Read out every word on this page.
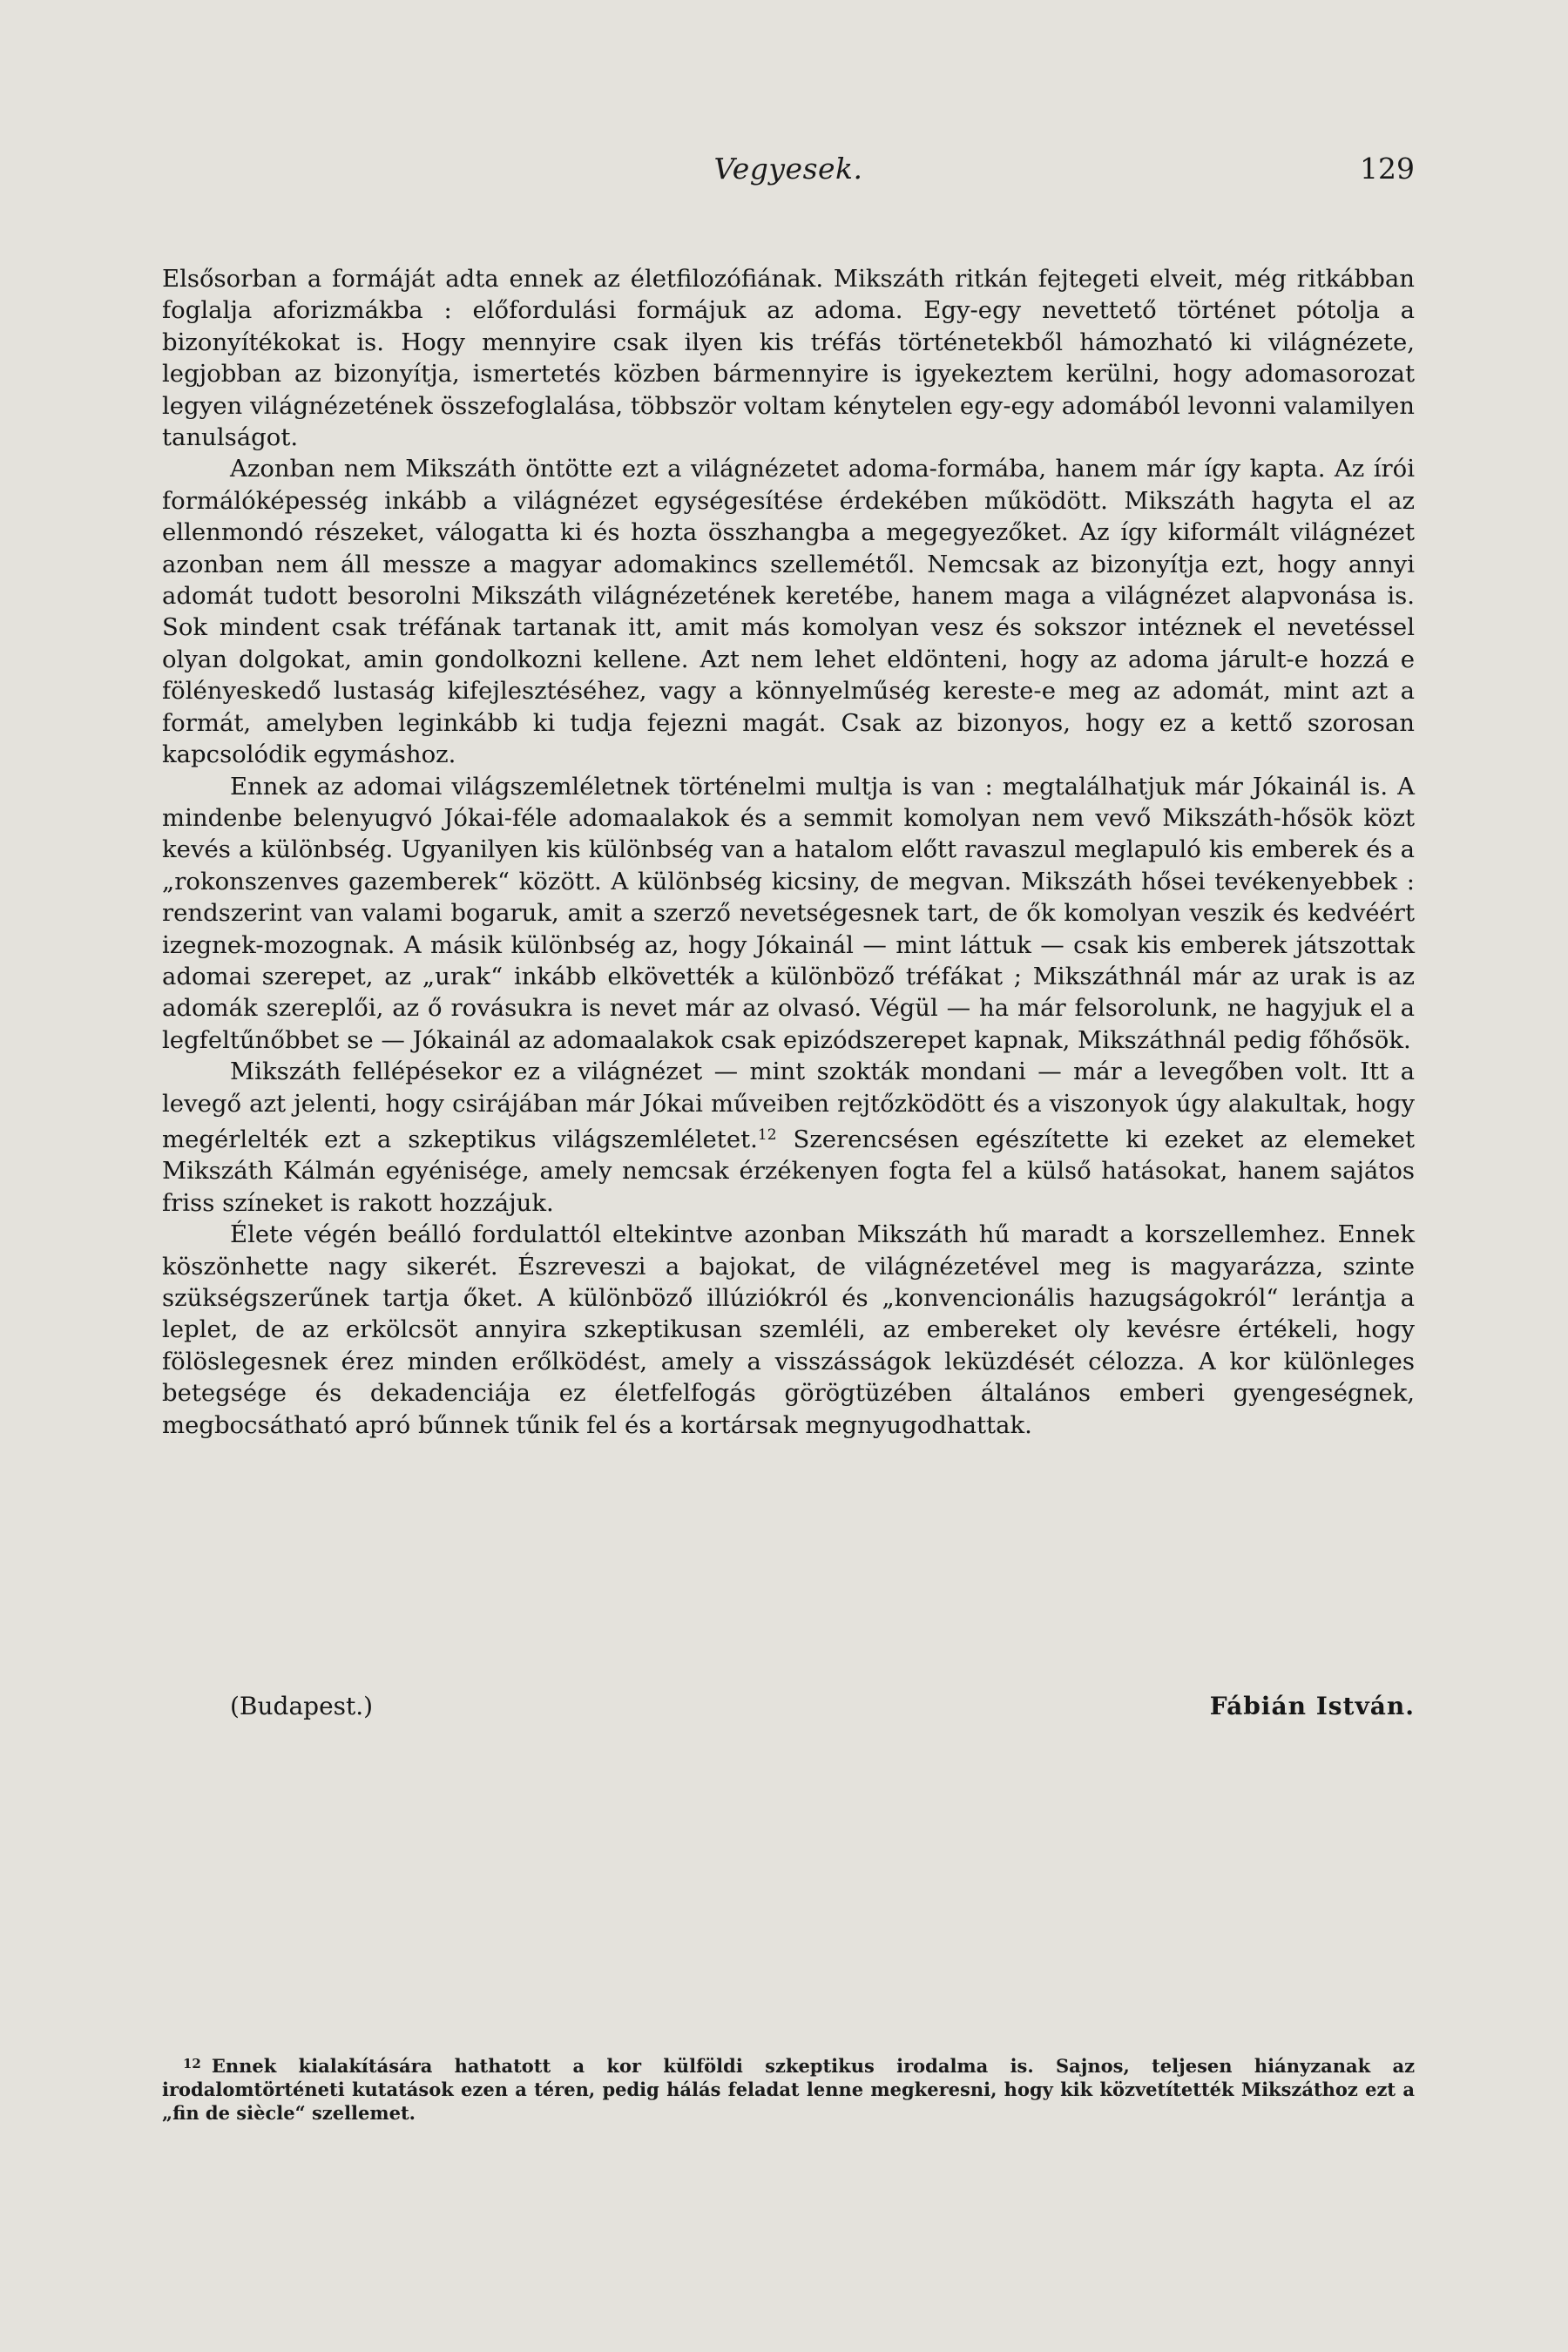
Vegyesek.	129

Elsősorban a formáját adta ennek az életfilozófiának. Mikszáth ritkán fejtegeti elveit, még ritkábban foglalja aforizmákba : előfordulási formájuk az adoma. Egy-egy nevettető történet pótolja a bizonyítékokat is. Hogy mennyire csak ilyen kis tréfás történetekből hámozható ki világnézete, legjobban az bizonyítja, ismertetés közben bármennyire is igyekeztem kerülni, hogy adomasorozat legyen világnézetének összefoglalása, többször voltam kénytelen egy-egy adomából levonni valamilyen tanulságot.

Azonban nem Mikszáth öntötte ezt a világnézetet adoma-formába, hanem már így kapta. Az írói formálóképesség inkább a világnézet egységesítése érdekében működött. Mikszáth hagyta el az ellenmondó részeket, válogatta ki és hozta összhangba a megegyezőket. Az így kiformált világnézet azonban nem áll messze a magyar adomakincs szellemétől. Nemcsak az bizonyítja ezt, hogy annyi adomát tudott besorolni Mikszáth világnézetének keretébe, hanem maga a világnézet alapvonása is. Sok mindent csak tréfának tartanak itt, amit más komolyan vesz és sokszor intéznek el nevetéssel olyan dolgokat, amin gondolkozni kellene. Azt nem lehet eldönteni, hogy az adoma járult-e hozzá e fölényeskedő lustaság kifejlesztéséhez, vagy a könnyelműség kereste-e meg az adomát, mint azt a formát, amelyben leginkább ki tudja fejezni magát. Csak az bizonyos, hogy ez a kettő szorosan kapcsolódik egymáshoz.

Ennek az adomai világszemléletnek történelmi multja is van : megtalálhatjuk már Jókainál is. A mindenbe belenyugvó Jókai-féle adomaalakok és a semmit komolyan nem vevő Mikszáth-hősök közt kevés a különbség. Ugyanilyen kis különbség van a hatalom előtt ravaszul meglapuló kis emberek és a „rokonszenves gazemberek“ között. A különbség kicsiny, de megvan. Mikszáth hősei tevékenyebbek : rendszerint van valami bogaruk, amit a szerző nevetségesnek tart, de ők komolyan veszik és kedvéért izegnek-mozognak. A másik különbség az, hogy Jókainál — mint láttuk — csak kis emberek játszottak adomai szerepet, az „urak“ inkább elkövették a különböző tréfákat ; Mikszáthnál már az urak is az adomák szereplői, az ő rovásukra is nevet már az olvasó. Végül — ha már felsorolunk, ne hagyjuk el a legfeltűnőbbet se — Jókainál az adomaalakok csak epizódszerepet kapnak, Mikszáthnál pedig főhősök.

Mikszáth fellépésekor ez a világnézet — mint szokták mondani — már a levegőben volt. Itt a levegő azt jelenti, hogy csirájában már Jókai műveiben rejtőzködött és a viszonyok úgy alakultak, hogy megérlelték ezt a szkeptikus világszemléletet.$^{12}$ Szerencsésen egészítette ki ezeket az elemeket Mikszáth Kálmán egyénisége, amely nemcsak érzékenyen fogta fel a külső hatásokat, hanem sajátos friss színeket is rakott hozzájuk.

Élete végén beálló fordulattól eltekintve azonban Mikszáth hű maradt a korszellemhez. Ennek köszönhette nagy sikerét. Észreveszi a bajokat, de világnézetével meg is magyarázza, szinte szükségszerűnek tartja őket. A különböző illúziókról és „konvencionális hazugságokról“ lerántja a leplet, de az erkölcsöt annyira szkeptikusan szemléli, az embereket oly kevésre értékeli, hogy fölöslegesnek érez minden erőlködést, amely a visszásságok leküzdését célozza. A kor különleges betegsége és dekadenciája ez életfelfogás görögtüzében általános emberi gyengeségnek, megbocsátható apró bűnnek tűnik fel és a kortársak megnyugodhattak.

(Budapest.)	Fábián István.
$^{12}$ Ennek kialakítására hathatott a kor külföldi szkeptikus irodalma is. Sajnos, teljesen hiányzanak az irodalomtörténeti kutatások ezen a téren, pedig hálás feladat lenne megkeresni, hogy kik közvetítették Mikszáthoz ezt a „fin de siècle“ szellemet.
